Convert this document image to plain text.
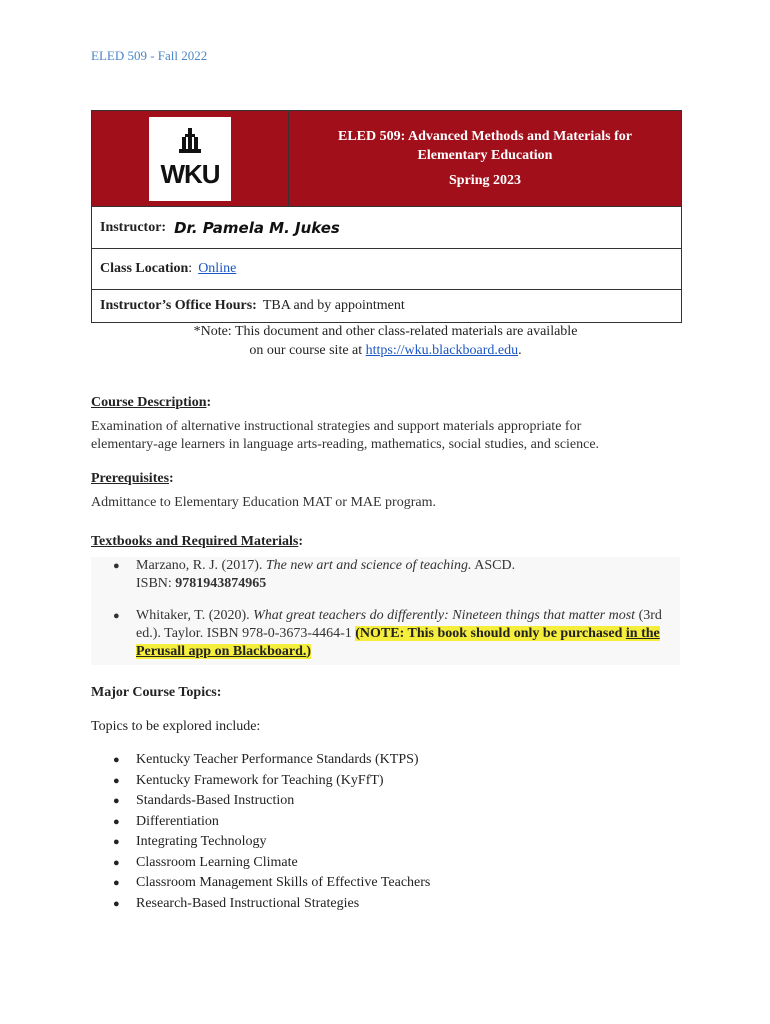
ELED 509 - Fall 2022
WKU
ELED 509: Advanced Methods and Materials for
Elementary Education
Spring 2023
Instructor: Dr. Pamela M. Jukes
Class Location : Online
Instructor’s Office Hours: TBA and by appointment
*Note: This document and other class-related materials are available
on our course site at https://wku.blackboard.edu.
Course Description:
Examination of alternative instructional strategies and support materials appropriate for elementary-age learners in language arts-reading, mathematics, social studies, and science.
Prerequisites:
Admittance to Elementary Education MAT or MAE program.
Textbooks and Required Materials:
● Marzano, R. J. (2017). The new art and science of teaching. ASCD.
ISBN: 9781943874965
● Whitaker, T. (2020). What great teachers do differently: Nineteen things that matter most (3rd ed.). Taylor. ISBN 978-0-3673-4464-1 (NOTE: This book should only be purchased in the Perusall app on Blackboard.)
Major Course Topics:
Topics to be explored include:
● Kentucky Teacher Performance Standards (KTPS)
● Kentucky Framework for Teaching (KyFfT)
● Standards-Based Instruction
● Differentiation
● Integrating Technology
● Classroom Learning Climate
● Classroom Management Skills of Effective Teachers
● Research-Based Instructional Strategies
